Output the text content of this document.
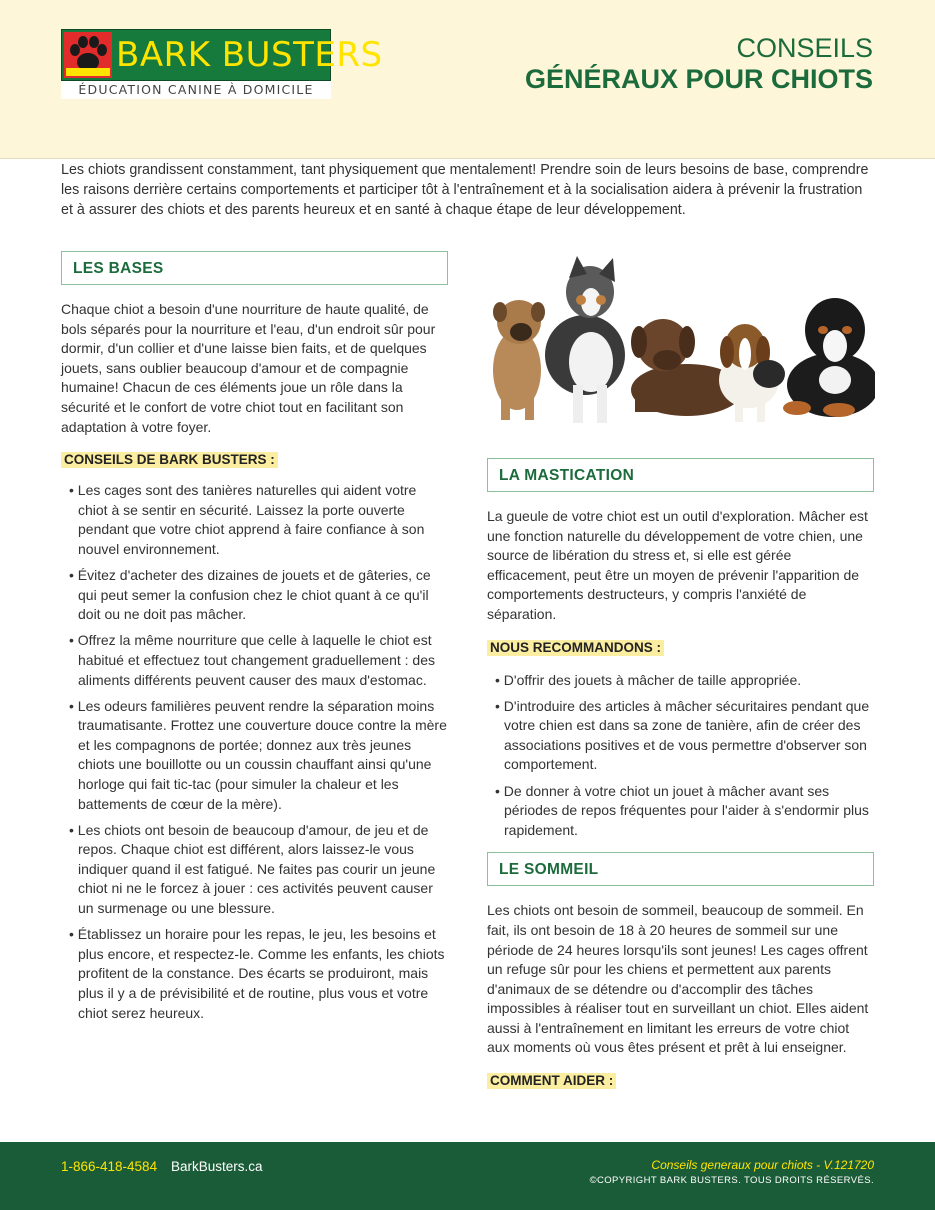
BARK BUSTERS
ÉDUCATION CANINE À DOMICILE
CONSEILS
GÉNÉRAUX POUR CHIOTS

Les chiots grandissent constamment, tant physiquement que mentalement! Prendre soin de leurs besoins de base, comprendre les raisons derrière certains comportements et participer tôt à l'entraînement et à la socialisation aidera à prévenir la frustration et à assurer des chiots et des parents heureux et en santé à chaque étape de leur développement.

LES BASES

Chaque chiot a besoin d'une nourriture de haute qualité, de bols séparés pour la nourriture et l'eau, d'un endroit sûr pour dormir, d'un collier et d'une laisse bien faits, et de quelques jouets, sans oublier beaucoup d'amour et de compagnie humaine! Chacun de ces éléments joue un rôle dans la sécurité et le confort de votre chiot tout en facilitant son adaptation à votre foyer.

CONSEILS DE BARK BUSTERS :
• Les cages sont des tanières naturelles qui aident votre chiot à se sentir en sécurité. Laissez la porte ouverte pendant que votre chiot apprend à faire confiance à son nouvel environnement.
• Évitez d'acheter des dizaines de jouets et de gâteries, ce qui peut semer la confusion chez le chiot quant à ce qu'il doit ou ne doit pas mâcher.
• Offrez la même nourriture que celle à laquelle le chiot est habitué et effectuez tout changement graduellement : des aliments différents peuvent causer des maux d'estomac.
• Les odeurs familières peuvent rendre la séparation moins traumatisante. Frottez une couverture douce contre la mère et les compagnons de portée; donnez aux très jeunes chiots une bouillotte ou un coussin chauffant ainsi qu'une horloge qui fait tic-tac (pour simuler la chaleur et les battements de cœur de la mère).
• Les chiots ont besoin de beaucoup d'amour, de jeu et de repos. Chaque chiot est différent, alors laissez-le vous indiquer quand il est fatigué. Ne faites pas courir un jeune chiot ni ne le forcez à jouer : ces activités peuvent causer un surmenage ou une blessure.
• Établissez un horaire pour les repas, le jeu, les besoins et plus encore, et respectez-le. Comme les enfants, les chiots profitent de la constance. Des écarts se produiront, mais plus il y a de prévisibilité et de routine, plus vous et votre chiot serez heureux.
LA MASTICATION

La gueule de votre chiot est un outil d'exploration. Mâcher est une fonction naturelle du développement de votre chien, une source de libération du stress et, si elle est gérée efficacement, peut être un moyen de prévenir l'apparition de comportements destructeurs, y compris l'anxiété de séparation.

NOUS RECOMMANDONS :
• D'offrir des jouets à mâcher de taille appropriée.
• D'introduire des articles à mâcher sécuritaires pendant que votre chien est dans sa zone de tanière, afin de créer des associations positives et de vous permettre d'observer son comportement.
• De donner à votre chiot un jouet à mâcher avant ses périodes de repos fréquentes pour l'aider à s'endormir plus rapidement.
LE SOMMEIL

Les chiots ont besoin de sommeil, beaucoup de sommeil. En fait, ils ont besoin de 18 à 20 heures de sommeil sur une période de 24 heures lorsqu'ils sont jeunes! Les cages offrent un refuge sûr pour les chiens et permettent aux parents d'animaux de se détendre ou d'accomplir des tâches impossibles à réaliser tout en surveillant un chiot. Elles aident aussi à l'entraînement en limitant les erreurs de votre chiot aux moments où vous êtes présent et prêt à lui enseigner.

COMMENT AIDER :
1-866-418-4584 BarkBusters.ca	Conseils generaux pour chiots - V.121720
©COPYRIGHT BARK BUSTERS. TOUS DROITS RÉSERVÉS.
